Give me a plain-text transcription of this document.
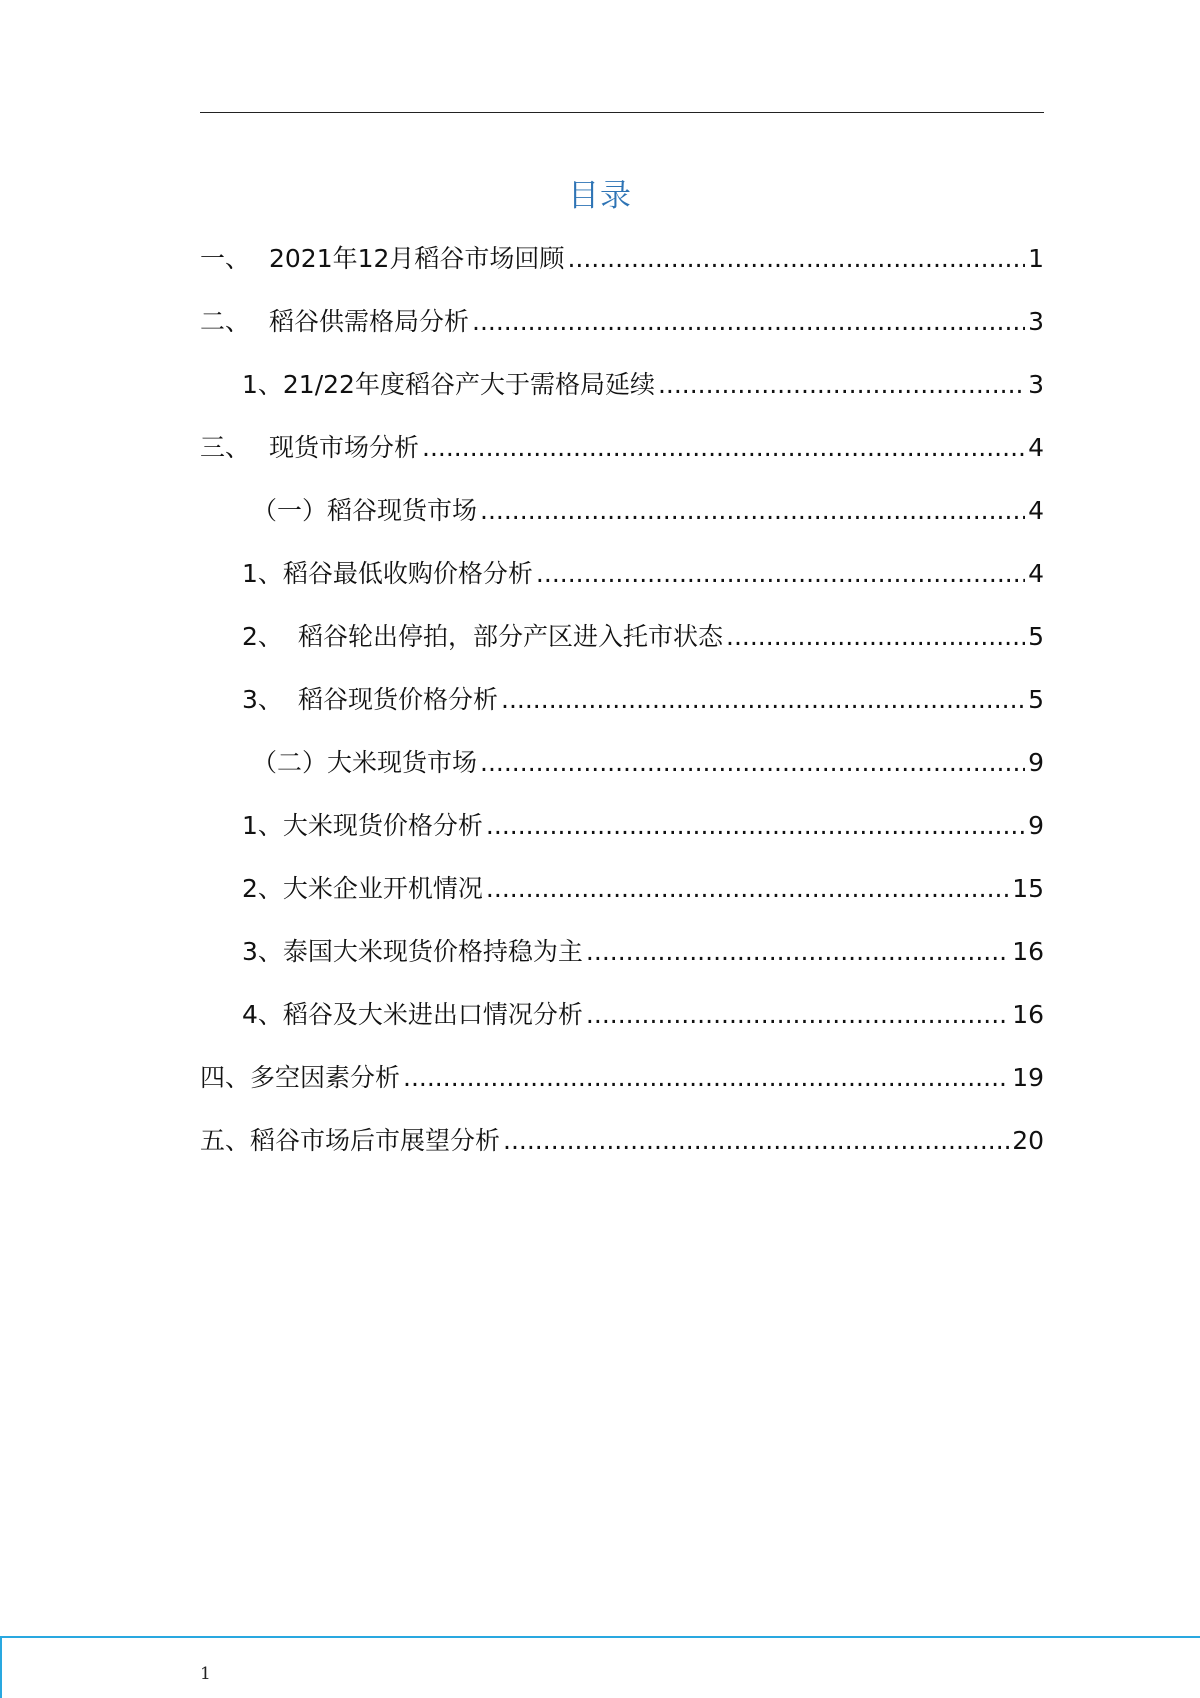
目录
一、 2021年12月稻谷市场回顾 .....	1
二、 稻谷供需格局分析 .....	3
1、21/22年度稻谷产大于需格局延续 .....	3
三、 现货市场分析 .....	4
（一）稻谷现货市场 .....	4
1、稻谷最低收购价格分析 .....	4
2、 稻谷轮出停拍，部分产区进入托市状态 .....	5
3、 稻谷现货价格分析 .....	5
（二）大米现货市场 .....	9
1、大米现货价格分析 .....	9
2、大米企业开机情况 .....	15
3、泰国大米现货价格持稳为主 .....	16
4、稻谷及大米进出口情况分析 .....	16
四、多空因素分析 .....	19
五、稻谷市场后市展望分析 .....	20
1
